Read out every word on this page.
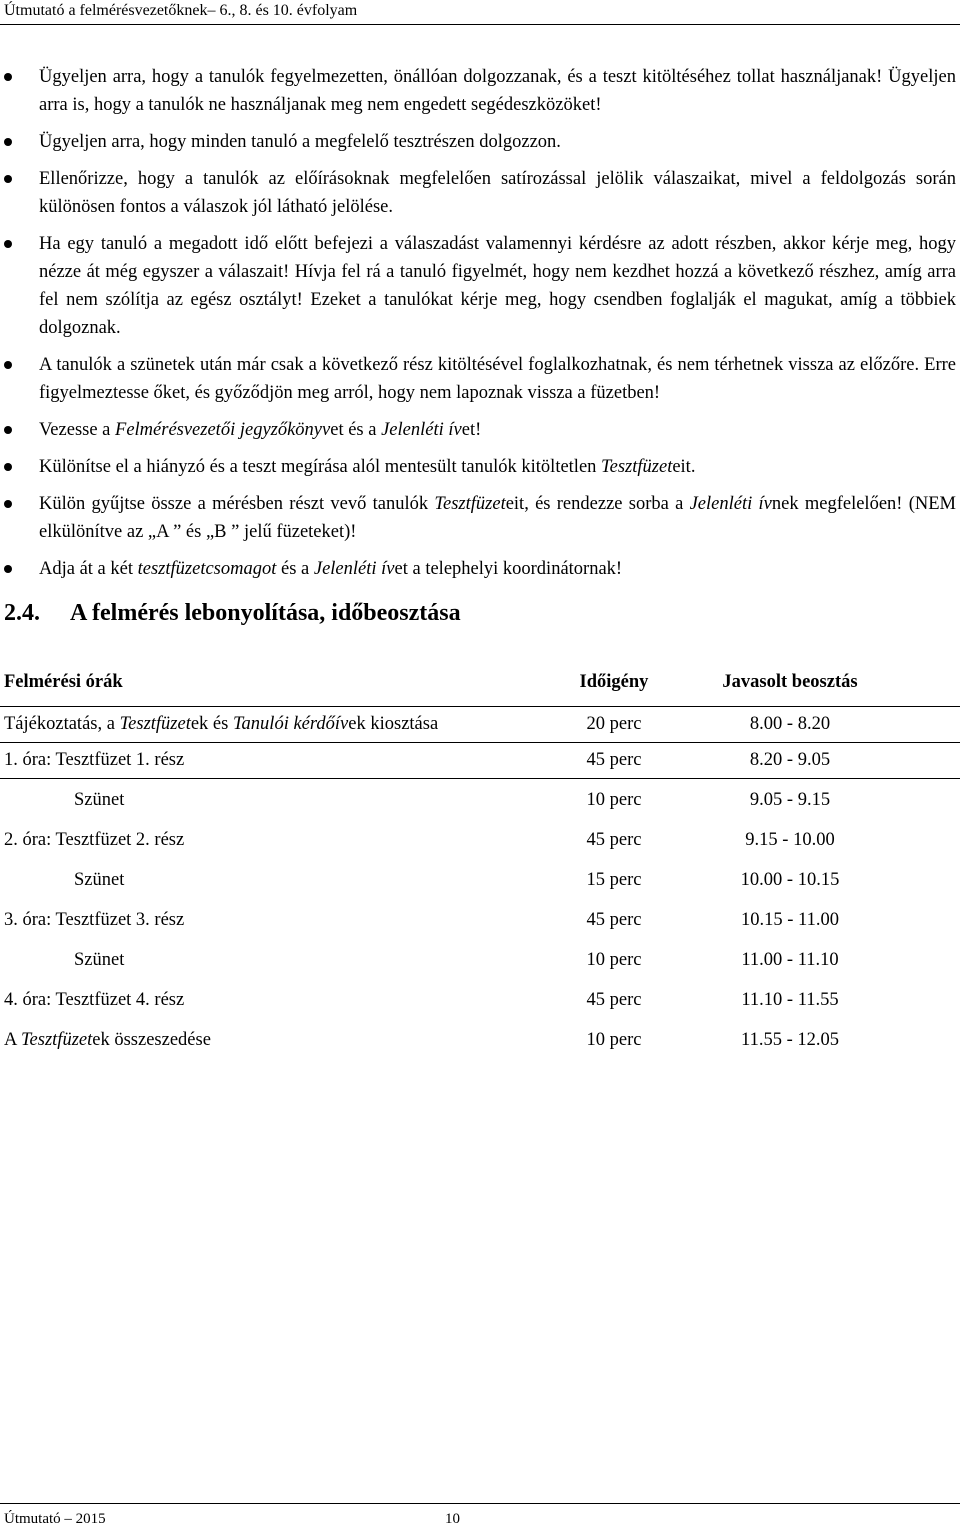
Útmutató a felmérésvezetőknek– 6., 8. és 10. évfolyam
Ügyeljen arra, hogy a tanulók fegyelmezetten, önállóan dolgozzanak, és a teszt kitöltéséhez tollat használjanak! Ügyeljen arra is, hogy a tanulók ne használjanak meg nem engedett segédeszközöket!
Ügyeljen arra, hogy minden tanuló a megfelelő tesztrészen dolgozzon.
Ellenőrizze, hogy a tanulók az előírásoknak megfelelően satírozással jelölik válaszaikat, mivel a feldolgozás során különösen fontos a válaszok jól látható jelölése.
Ha egy tanuló a megadott idő előtt befejezi a válaszadást valamennyi kérdésre az adott részben, akkor kérje meg, hogy nézze át még egyszer a válaszait! Hívja fel rá a tanuló figyelmét, hogy nem kezdhet hozzá a következő részhez, amíg arra fel nem szólítja az egész osztályt! Ezeket a tanulókat kérje meg, hogy csendben foglalják el magukat, amíg a többiek dolgoznak.
A tanulók a szünetek után már csak a következő rész kitöltésével foglalkozhatnak, és nem térhetnek vissza az előzőre. Erre figyelmeztesse őket, és győződjön meg arról, hogy nem lapoznak vissza a füzetben!
Vezesse a Felmérésvezetői jegyzőkönyvet és a Jelenléti ívet!
Különítse el a hiányzó és a teszt megírása alól mentesült tanulók kitöltetlen Tesztfüzeteit.
Külön gyűjtse össze a mérésben részt vevő tanulók Tesztfüzeteit, és rendezze sorba a Jelenléti ívnek megfelelően! (NEM elkülönítve az „A ” és „B ” jelű füzeteket)!
Adja át a két tesztfüzetcsomagot és a Jelenléti ívet a telephelyi koordinátornak!
2.4. A felmérés lebonyolítása, időbeosztása
Felmérési órák	Időigény	Javasolt beosztás
Tájékoztatás, a Tesztfüzetek és Tanulói kérdőívek kiosztása	20 perc	8.00 - 8.20
1. óra: Tesztfüzet 1. rész	45 perc	8.20 - 9.05
Szünet	10 perc	9.05 - 9.15
2. óra: Tesztfüzet 2. rész	45 perc	9.15 - 10.00
Szünet	15 perc	10.00 - 10.15
3. óra: Tesztfüzet 3. rész	45 perc	10.15 - 11.00
Szünet	10 perc	11.00 - 11.10
4. óra: Tesztfüzet 4. rész	45 perc	11.10 - 11.55
A Tesztfüzetek összeszedése	10 perc	11.55 - 12.05
Útmutató – 2015	10
